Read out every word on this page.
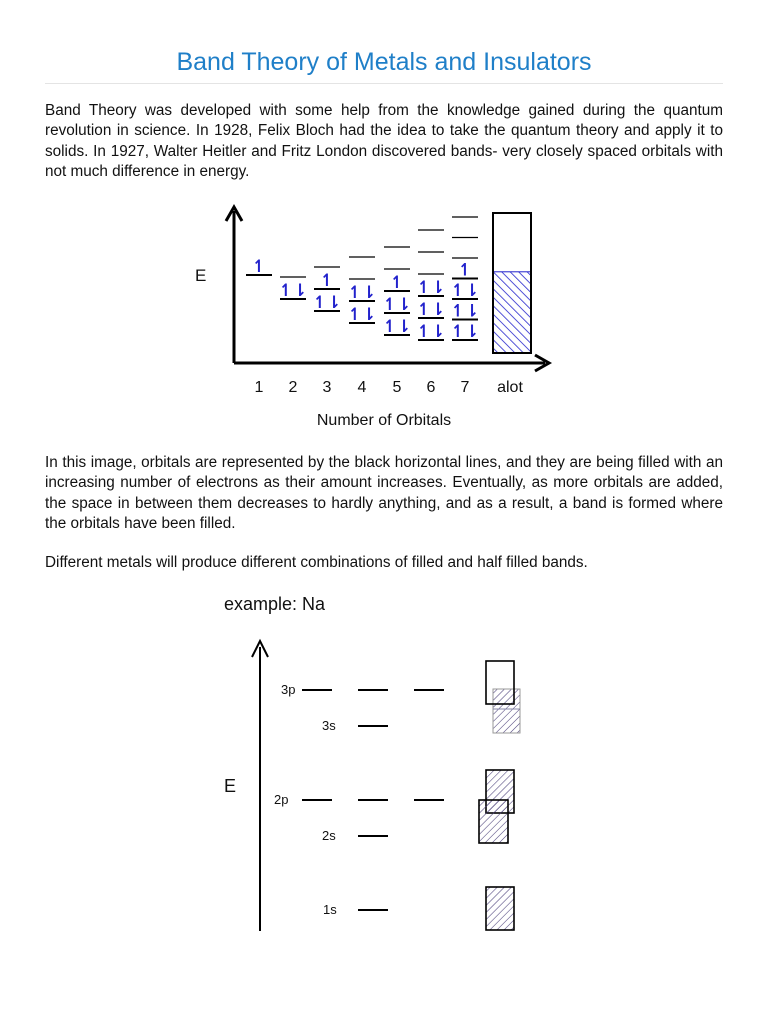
Band Theory of Metals and Insulators

Band Theory was developed with some help from the knowledge gained during the quantum revolution in science. In 1928, Felix Bloch had the idea to take the quantum theory and apply it to solids. In 1927, Walter Heitler and Fritz London discovered bands- very closely spaced orbitals with not much difference in energy.

E
1 2 3 4 5 6 7 alot
Number of Orbitals
↿
↿⇂
↿⇂
↿
↿⇂
↿⇂
↿⇂
↿⇂
↿
↿⇂
↿⇂
↿⇂
↿⇂
↿⇂
↿⇂
↿

In this image, orbitals are represented by the black horizontal lines, and they are being filled with an increasing number of electrons as their amount increases. Eventually, as more orbitals are added, the space in between them decreases to hardly anything, and as a result, a band is formed where the orbitals have been filled.

Different metals will produce different combinations of filled and half filled bands.

example: Na
E
3p
3s
2p
2s
1s
